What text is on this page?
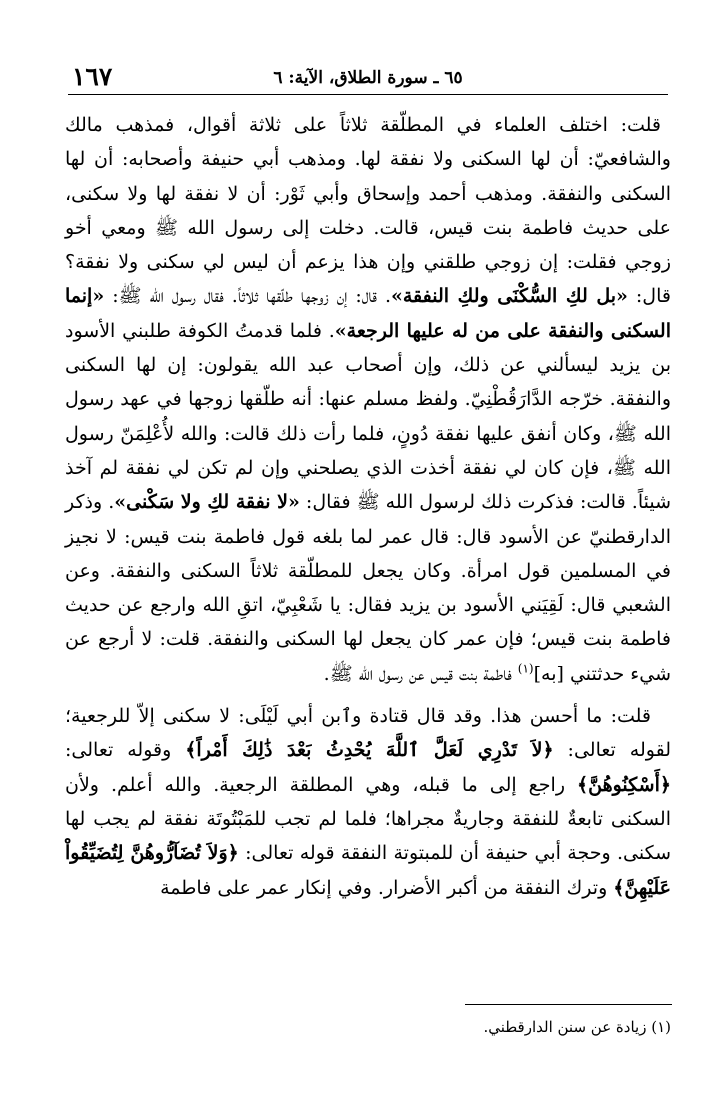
١٦٧	٦٥ ـ سورة الطلاق، الآية: ٦

قلت: اختلف العلماء في المطلّقة ثلاثاً على ثلاثة أقوال، فمذهب مالك والشافعيّ: أن لها السكنى ولا نفقة لها. ومذهب أبي حنيفة وأصحابه: أن لها السكنى والنفقة. ومذهب أحمد وإسحاق وأبي ثَوْر: أن لا نفقة لها ولا سكنى، على حديث فاطمة بنت قيس، قالت. دخلت إلى رسول الله ﷺ ومعي أخو زوجي فقلت: إن زوجي طلقني وإن هذا يزعم أن ليس لي سكنى ولا نفقة؟ قال: «بل لكِ السُّكْنَى ولكِ النفقة». قال: إن زوجها طلّقها ثلاثاً. فقال رسول الله ﷺ: «إنما السكنى والنفقة على من له عليها الرجعة». فلما قدمتُ الكوفة طلبني الأسود بن يزيد ليسألني عن ذلك، وإن أصحاب عبد الله يقولون: إن لها السكنى والنفقة. خرّجه الدَّارَقُطْنِيّ. ولفظ مسلم عنها: أنه طلّقها زوجها في عهد رسول الله ﷺ، وكان أنفق عليها نفقة دُونٍ، فلما رأت ذلك قالت: والله لأُعْلِمَنّ رسول الله ﷺ، فإن كان لي نفقة أخذت الذي يصلحني وإن لم تكن لي نفقة لم آخذ شيئاً. قالت: فذكرت ذلك لرسول الله ﷺ فقال: «لا نفقة لكِ ولا سَكْنى». وذكر الدارقطنيّ عن الأسود قال: قال عمر لما بلغه قول فاطمة بنت قيس: لا نجيز في المسلمين قول امرأة. وكان يجعل للمطلّقة ثلاثاً السكنى والنفقة. وعن الشعبي قال: لَقِيَني الأسود بن يزيد فقال: يا شَعْبِيّ، اتقِ الله وارجع عن حديث فاطمة بنت قيس؛ فإن عمر كان يجعل لها السكنى والنفقة. قلت: لا أرجع عن شيء حدثتني [به]$^{(١)}$ فاطمة بنت قيس عن رسول الله ﷺ.

قلت: ما أحسن هذا. وقد قال قتادة وٱبن أبي لَيْلَى: لا سكنى إلاّ للرجعية؛ لقوله تعالى: ﴿لاَ تَدْرِي لَعَلَّ ٱللَّهَ يُحْدِثُ بَعْدَ ذَٰلِكَ أَمْراً﴾ وقوله تعالى: ﴿أَسْكِنُوهُنَّ﴾ راجع إلى ما قبله، وهي المطلقة الرجعية. والله أعلم. ولأن السكنى تابعةٌ للنفقة وجاريةٌ مجراها؛ فلما لم تجب للمَبْتُوتَة نفقة لم يجب لها سكنى. وحجة أبي حنيفة أن للمبتوتة النفقة قوله تعالى: ﴿وَلاَ تُضَآرُّوهُنَّ لِتُضَيِّقُواْ عَلَيْهِنَّ﴾ وترك النفقة من أكبر الأضرار. وفي إنكار عمر على فاطمة

(١) زيادة عن سنن الدارقطني.
